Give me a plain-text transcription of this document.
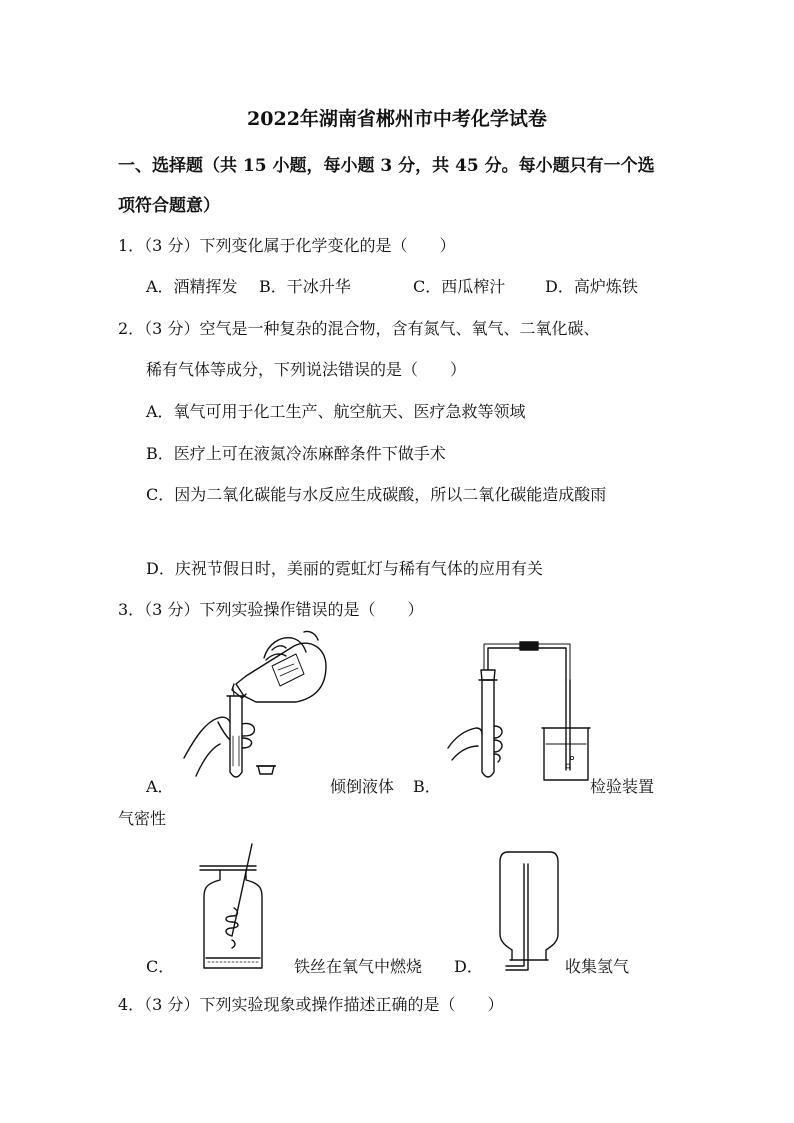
2022年湖南省郴州市中考化学试卷
一、选择题（共 15 小题，每小题 3 分，共 45 分。每小题只有一个选
项符合题意）
1．（3 分）下列变化属于化学变化的是（　　）
A．酒精挥发 B．干冰升华	C．西瓜榨汁 D．高炉炼铁
2．（3 分）空气是一种复杂的混合物，含有氮气、氧气、二氧化碳、
稀有气体等成分，下列说法错误的是（　　）
A．氧气可用于化工生产、航空航天、医疗急救等领域
B．医疗上可在液氮冷冻麻醉条件下做手术
C．因为二氧化碳能与水反应生成碳酸，所以二氧化碳能造成酸雨
D．庆祝节假日时，美丽的霓虹灯与稀有气体的应用有关
3．（3 分）下列实验操作错误的是（　　）
A．	倾倒液体 B．	检验装置
气密性
C．	铁丝在氧气中燃烧 D．	收集氢气
4．（3 分）下列实验现象或操作描述正确的是（　　）
